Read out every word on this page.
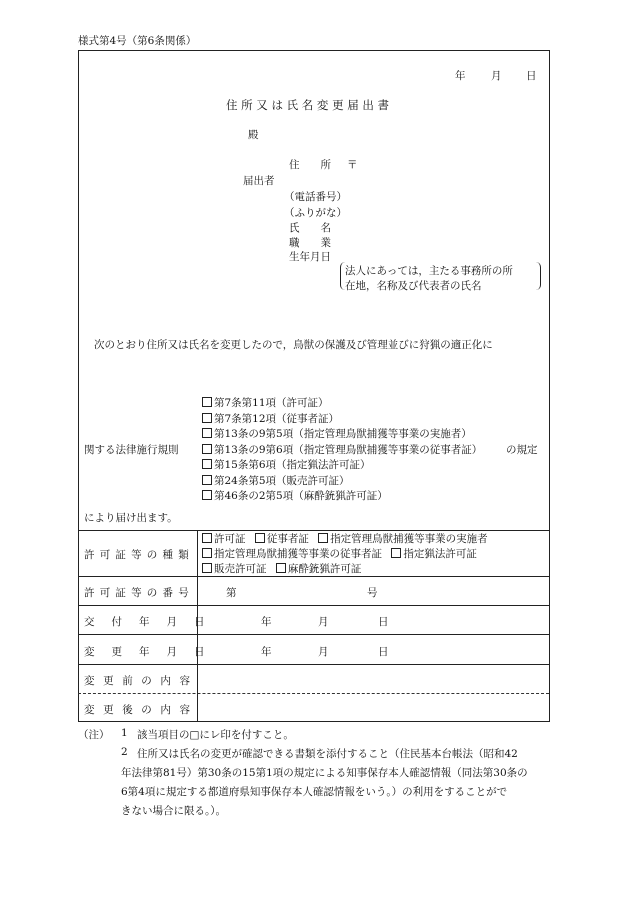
様式第4号（第6条関係）
年 月 日
住 所 又 は 氏 名 変 更 届 出 書
殿
住　　所 〒
届出者
（電話番号）
（ふりがな）
氏　　名
職　　業
生年月日
法人にあっては，主たる事務所の所
在地，名称及び代表者の氏名
次のとおり住所又は氏名を変更したので，鳥獣の保護及び管理並びに狩猟の適正化に
関する法律施行規則	の規定
第7条第11項（許可証）
第7条第12項（従事者証）
第13条の9第5項（指定管理鳥獣捕獲等事業の実施者）
第13条の9第6項（指定管理鳥獣捕獲等事業の従事者証）
第15条第6項（指定猟法許可証）
第24条第5項（販売許可証）
第46条の2第5項（麻酔銃猟許可証）
により届け出ます。
許可証等の種類
許可証 従事者証 指定管理鳥獣捕獲等事業の実施者
指定管理鳥獣捕獲等事業の従事者証 指定猟法許可証
販売許可証 麻酔銃猟許可証
許可証等の番号	第	号
交付年月日	年	月	日
変更年月日	年	月	日
変更前の内容
変更後の内容
（注） 1 該当項目の□にレ印を付すこと。
2 住所又は氏名の変更が確認できる書類を添付すること（住民基本台帳法（昭和42
年法律第81号）第30条の15第1項の規定による知事保存本人確認情報（同法第30条の
6第4項に規定する都道府県知事保存本人確認情報をいう。）の利用をすることがで
きない場合に限る。）。
